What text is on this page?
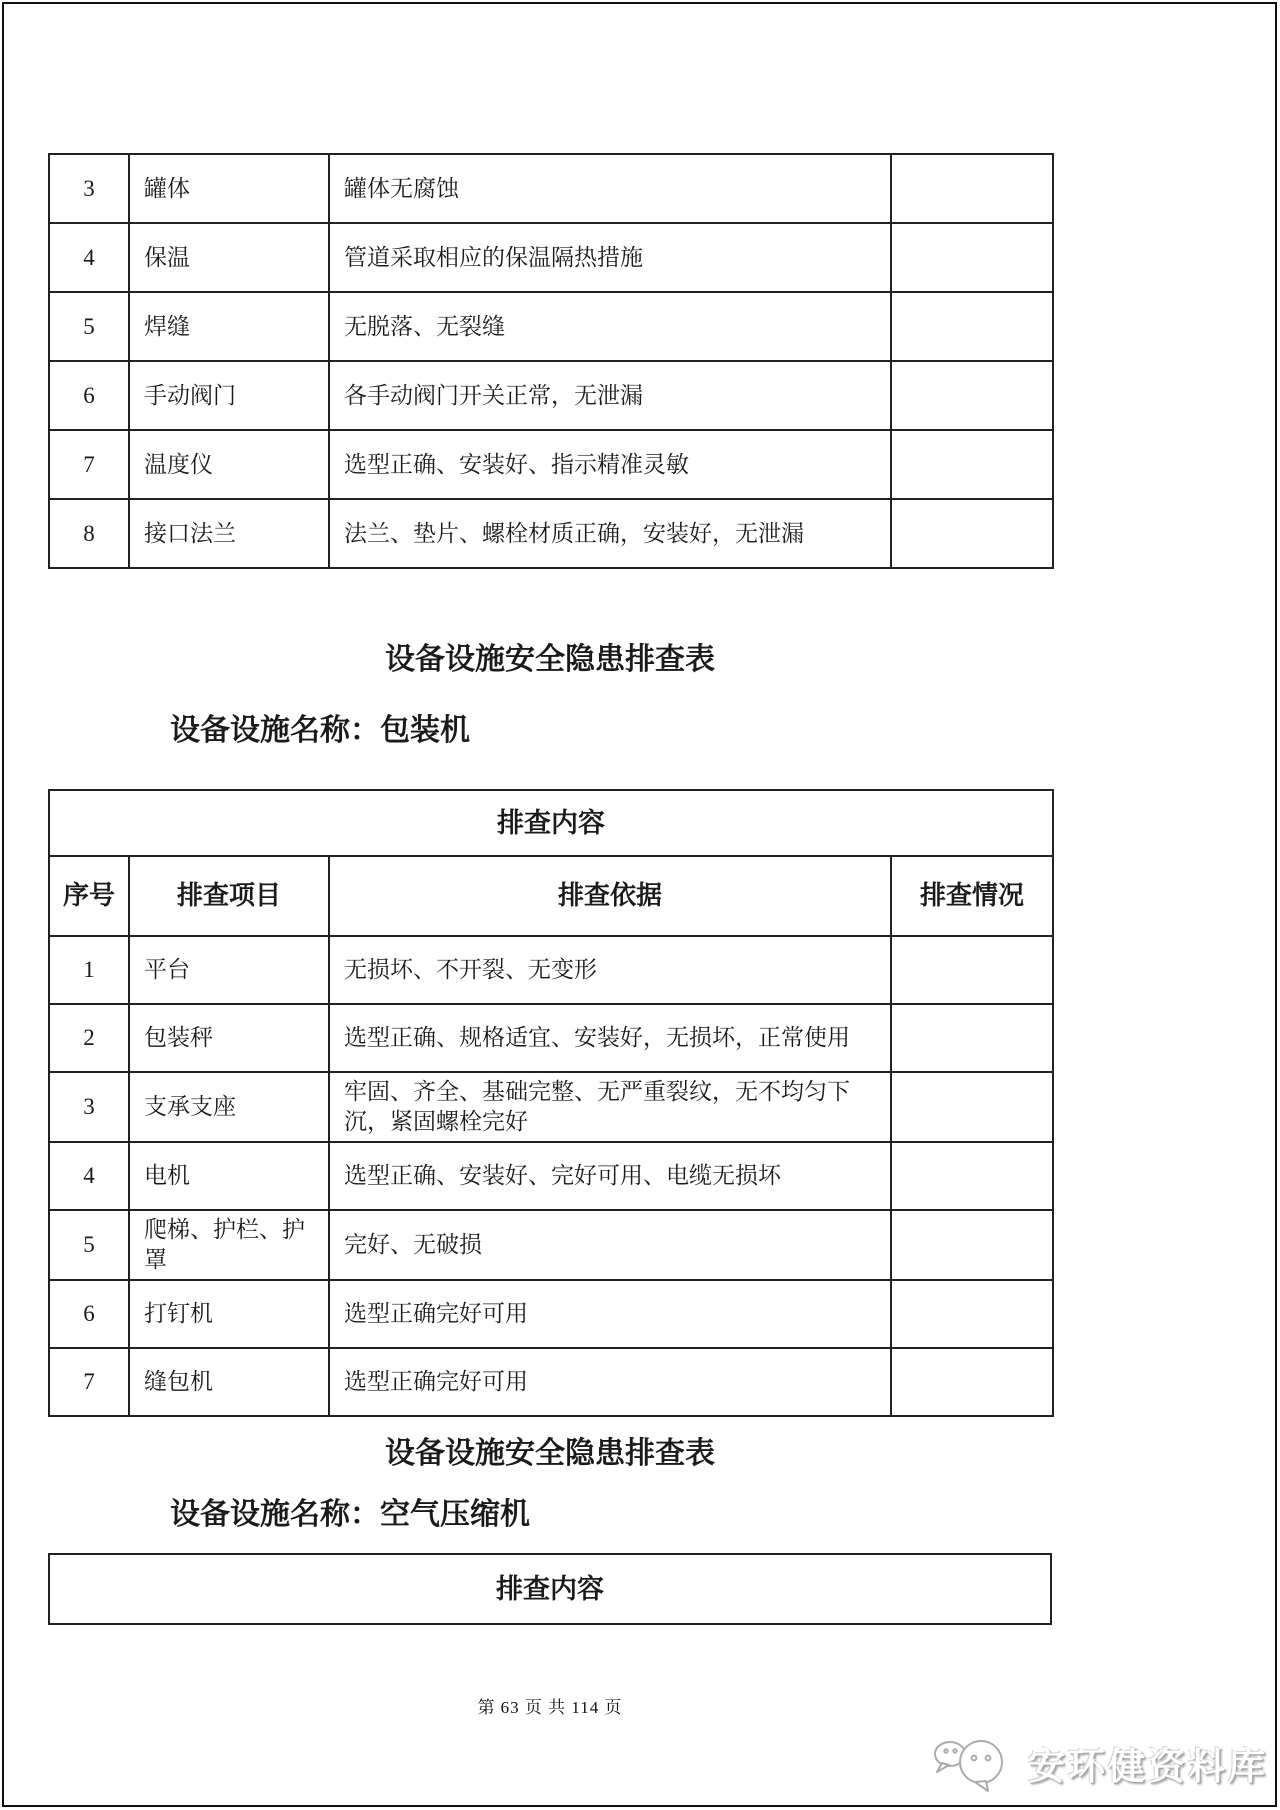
3	罐体	罐体无腐蚀	
4	保温	管道采取相应的保温隔热措施	
5	焊缝	无脱落、无裂缝	
6	手动阀门	各手动阀门开关正常，无泄漏	
7	温度仪	选型正确、安装好、指示精准灵敏	
8	接口法兰	法兰、垫片、螺栓材质正确，安装好，无泄漏	
设备设施安全隐患排查表
设备设施名称：包装机
排查内容			
序号	排查项目	排查依据	排查情况
1	平台	无损坏、不开裂、无变形	
2	包装秤	选型正确、规格适宜、安装好，无损坏，正常使用	
3	支承支座	牢固、齐全、基础完整、无严重裂纹，无不均匀下沉，紧固螺栓完好	
4	电机	选型正确、安装好、完好可用、电缆无损坏	
5	爬梯、护栏、护罩	完好、无破损	
6	打钉机	选型正确完好可用	
7	缝包机	选型正确完好可用	
设备设施安全隐患排查表
设备设施名称：空气压缩机
排查内容
第 63 页 共 114 页
安环健资料库
